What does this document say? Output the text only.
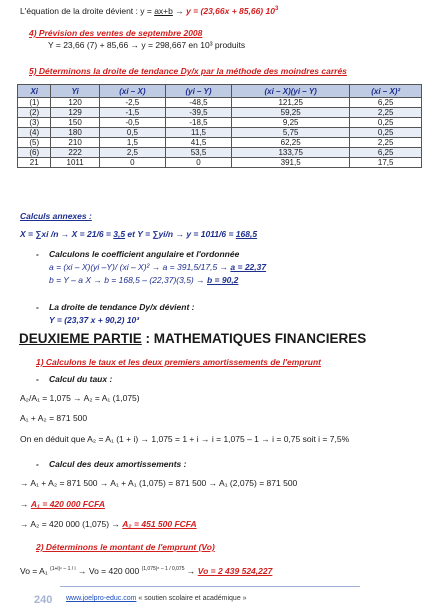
L'équation de la droite dévient : y = ax+b → y = (23,66x + 85,66) $10^3$
4) Prévision des ventes de septembre 2008
Y = 23,66 (7) + 85,66 → y = 298,667 en 10³ produits
5) Déterminons la droite de tendance Dy/x par la méthode des moindres carrés
Xi	Yi	(xi – X)	(yi – Y)	(xi – X)(yi – Y)	(xi – X)²
(1)	120	-2,5	-48,5	121,25	6,25
(2)	129	-1,5	-39,5	59,25	2,25
(3)	150	-0,5	-18,5	9,25	0,25
(4)	180	0,5	11,5	5,75	0,25
(5)	210	1,5	41,5	62,25	2,25
(6)	222	2,5	53,5	133,75	6,25
21	1011	0	0	391,5	17,5
Calculs annexes :
X = ∑xi /n → X = 21/6 = 3,5 et Y = ∑yi/n → y = 1011/6 = 168,5
- Calculons le coefficient angulaire et l'ordonnée
a = (xi – X)(yi –Y)/ (xi – X)² → a = 391,5/17,5 → a = 22,37
b = Y – a X → b = 168,5 – (22,37)(3,5) → b = 90,2
- La droite de tendance Dy/x dévient :
Y = (23,37 x + 90,2) 10³
DEUXIEME PARTIE : MATHEMATIQUES FINANCIERES
1) Calculons le taux et les deux premiers amortissements de l'emprunt
- Calcul du taux :
A₂/A₁ = 1,075 → A₂ = A₁ (1,075)
A₁ + A₂ = 871 500
On en déduit que A₂ = A₁ (1 + i) → 1,075 = 1 + i → i = 1,075 – 1 → i = 0,75 soit i = 7,5%
- Calcul des deux amortissements :
→ A₁ + A₂ = 871 500 → A₁ + A₁ (1,075) = 871 500 → A₁ (2,075) = 871 500
→ A₁ = 420 000 FCFA
→ A₂ = 420 000 (1,075) → A₂ = 451 500 FCFA
2) Déterminons le montant de l'emprunt (Vo)
Vo = A₁ (1+i)ⁿ – 1 / i → Vo = 420 000 (1,075)⁶ – 1 / 0,075 → Vo = 2 439 524,227
240 www.joelpro-educ.com « soutien scolaire et académique »
